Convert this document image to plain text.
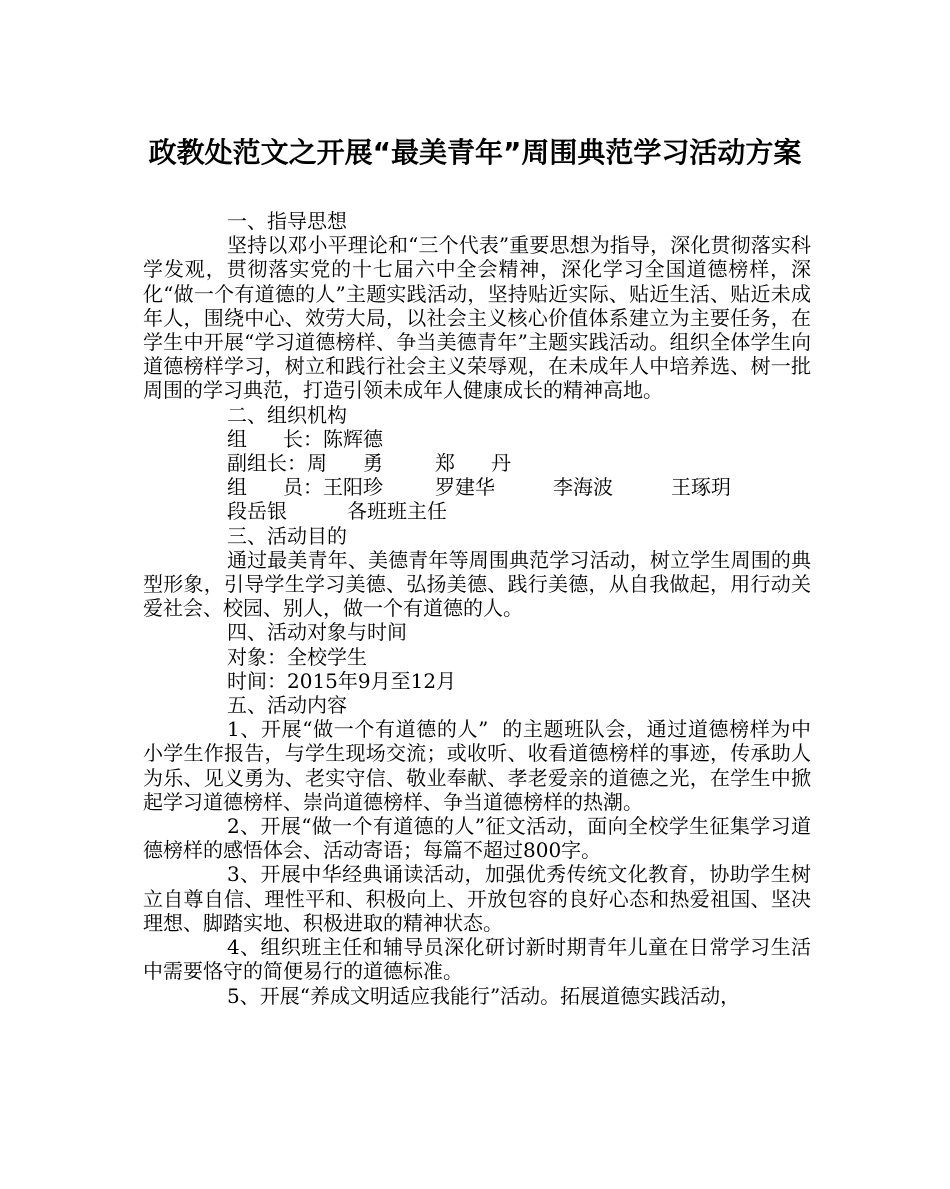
政教处范文之开展“最美青年”周围典范学习活动方案

一、指导思想

坚持以邓小平理论和“三个代表”重要思想为指导，深化贯彻落实科学发观，贯彻落实党的十七届六中全会精神，深化学习全国道德榜样，深化“做一个有道德的人”主题实践活动，坚持贴近实际、贴近生活、贴近未成年人，围绕中心、效劳大局，以社会主义核心价值体系建立为主要任务，在学生中开展“学习道德榜样、争当美德青年”主题实践活动。组织全体学生向道德榜样学习，树立和践行社会主义荣辱观，在未成年人中培养选、树一批周围的学习典范，打造引领未成年人健康成长的精神高地。

二、组织机构

组 长：陈辉德

副组长：周 勇	郑 丹

组 员：王阳珍	罗建华	李海波	王琢玥

段岳银	各班班主任

三、活动目的

通过最美青年、美德青年等周围典范学习活动，树立学生周围的典型形象，引导学生学习美德、弘扬美德、践行美德，从自我做起，用行动关爱社会、校园、别人，做一个有道德的人。

四、活动对象与时间

对象：全校学生

时间：2015年9月至12月

五、活动内容

1、开展“做一个有道德的人”  的主题班队会，通过道德榜样为中小学生作报告，与学生现场交流；或收听、收看道德榜样的事迹，传承助人为乐、见义勇为、老实守信、敬业奉献、孝老爱亲的道德之光，在学生中掀起学习道德榜样、崇尚道德榜样、争当道德榜样的热潮。

2、开展“做一个有道德的人”征文活动，面向全校学生征集学习道德榜样的感悟体会、活动寄语；每篇不超过800字。

3、开展中华经典诵读活动，加强优秀传统文化教育，协助学生树立自尊自信、理性平和、积极向上、开放包容的良好心态和热爱祖国、坚决理想、脚踏实地、积极进取的精神状态。

4、组织班主任和辅导员深化研讨新时期青年儿童在日常学习生活中需要恪守的简便易行的道德标准。

5、开展“养成文明适应我能行”活动。拓展道德实践活动，
